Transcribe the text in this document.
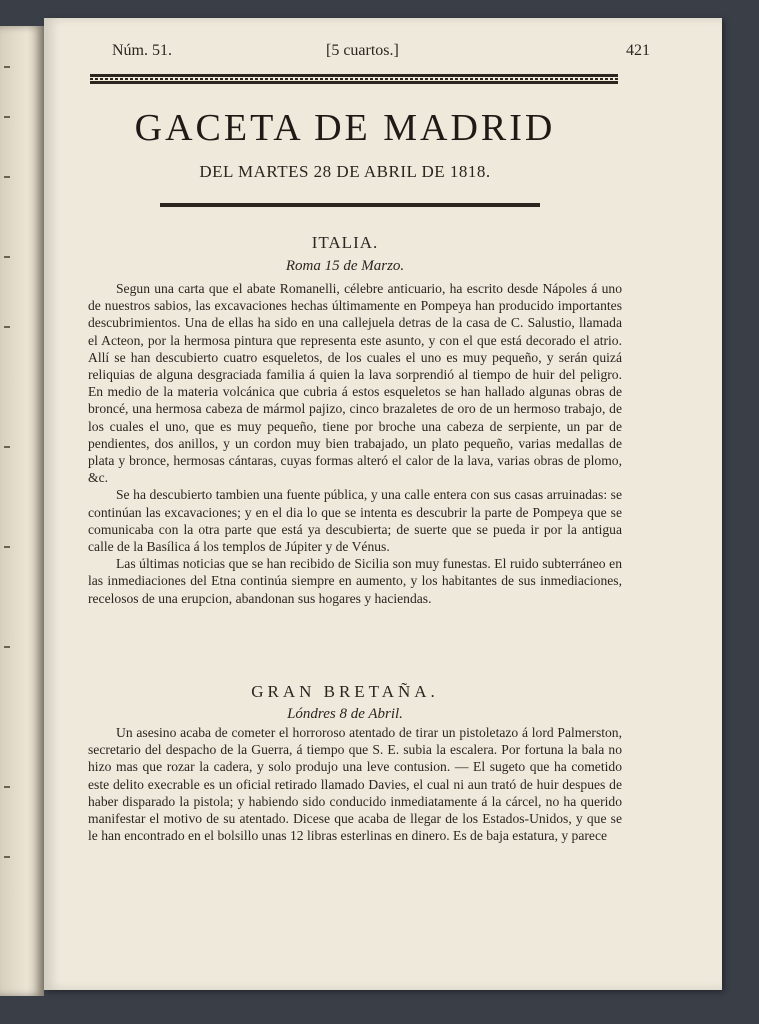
Núm. 51.	[5 cuartos.]	421
GACETA DE MADRID
DEL MARTES 28 DE ABRIL DE 1818.
ITALIA.
Roma 15 de Marzo.

Segun una carta que el abate Romanelli, célebre anticuario, ha escrito desde Nápoles á uno de nuestros sabios, las excavaciones hechas últimamente en Pompeya han producido importantes descubrimientos. Una de ellas ha sido en una callejuela detras de la casa de C. Salustio, llamada el Acteon, por la hermosa pintura que representa este asunto, y con el que está decorado el atrio. Allí se han descubierto cuatro esqueletos, de los cuales el uno es muy pequeño, y serán quizá reliquias de alguna desgraciada familia á quien la lava sorprendió al tiempo de huir del peligro. En medio de la materia volcánica que cubria á estos esqueletos se han hallado algunas obras de broncé, una hermosa cabeza de mármol pajizo, cinco brazaletes de oro de un hermoso trabajo, de los cuales el uno, que es muy pequeño, tiene por broche una cabeza de serpiente, un par de pendientes, dos anillos, y un cordon muy bien trabajado, un plato pequeño, varias medallas de plata y bronce, hermosas cántaras, cuyas formas alteró el calor de la lava, varias obras de plomo, &c.

Se ha descubierto tambien una fuente pública, y una calle entera con sus casas arruinadas: se continúan las excavaciones; y en el dia lo que se intenta es descubrir la parte de Pompeya que se comunicaba con la otra parte que está ya descubierta; de suerte que se pueda ir por la antigua calle de la Basílica á los templos de Júpiter y de Vénus.

Las últimas noticias que se han recibido de Sicilia son muy funestas. El ruido subterráneo en las inmediaciones del Etna continúa siempre en aumento, y los habitantes de sus inmediaciones, recelosos de una erupcion, abandonan sus hogares y haciendas.

GRAN BRETAÑA.
Lóndres 8 de Abril.

Un asesino acaba de cometer el horroroso atentado de tirar un pistoletazo á lord Palmerston, secretario del despacho de la Guerra, á tiempo que S. E. subia la escalera. Por fortuna la bala no hizo mas que rozar la cadera, y solo produjo una leve contusion. — El sugeto que ha cometido este delito execrable es un oficial retirado llamado Davies, el cual ni aun trató de huir despues de haber disparado la pistola; y habiendo sido conducido inmediatamente á la cárcel, no ha querido manifestar el motivo de su atentado. Dicese que acaba de llegar de los Estados-Unidos, y que se le han encontrado en el bolsillo unas 12 libras esterlinas en dinero. Es de baja estatura, y parece
